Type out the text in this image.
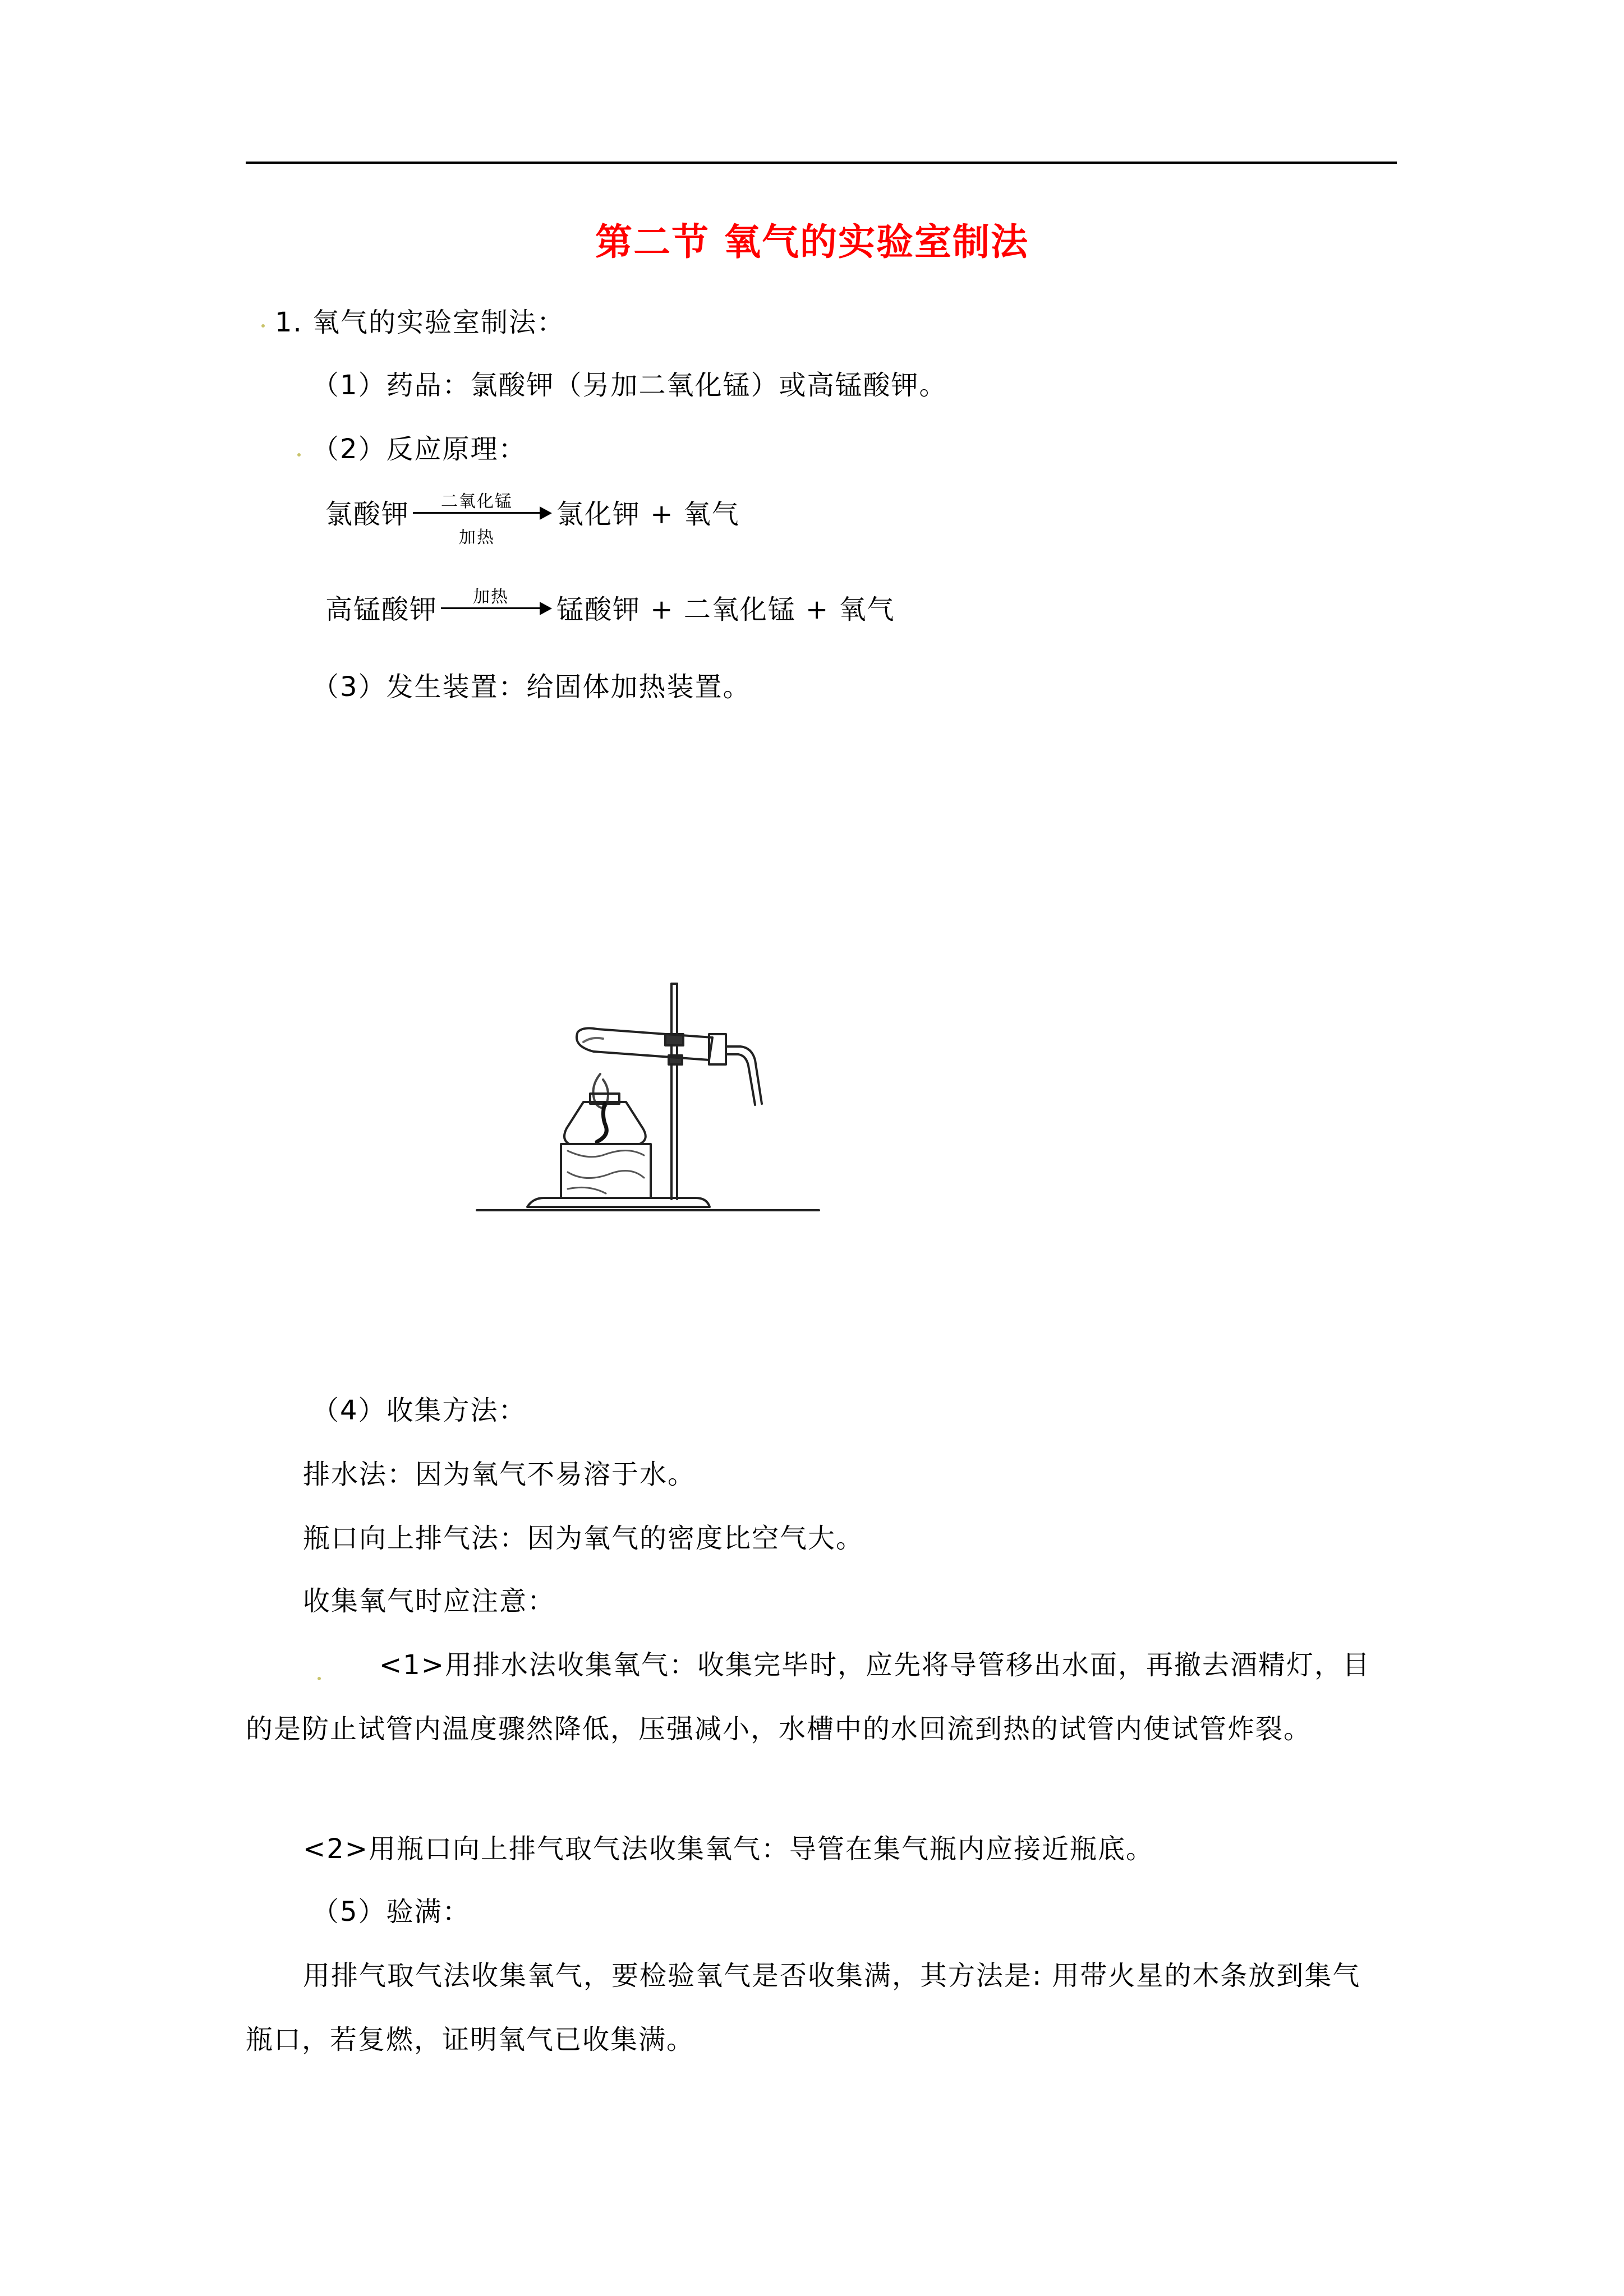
第二节 氧气的实验室制法
1. 氧气的实验室制法：
（1）药品：氯酸钾（另加二氧化锰）或高锰酸钾。
（2）反应原理：
氯酸钾	二氧化锰
加热
氯化钾 + 氧气
高锰酸钾	加热	锰酸钾 + 二氧化锰 + 氧气
（3）发生装置：给固体加热装置。
（4）收集方法：
排水法：因为氧气不易溶于水。
瓶口向上排气法：因为氧气的密度比空气大。
收集氧气时应注意：
<1>用排水法收集氧气：收集完毕时，应先将导管移出水面，再撤去酒精灯，目
的是防止试管内温度骤然降低，压强减小，水槽中的水回流到热的试管内使试管炸裂。
<2>用瓶口向上排气取气法收集氧气：导管在集气瓶内应接近瓶底。
（5）验满：
用排气取气法收集氧气，要检验氧气是否收集满，其方法是: 用带火星的木条放到集气
瓶口，若复燃，证明氧气已收集满。
